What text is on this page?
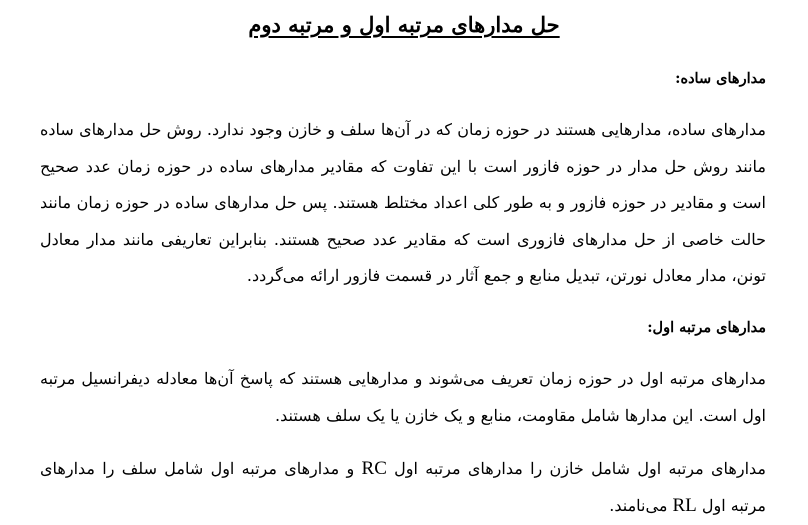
حل مدارهای مرتبه اول و مرتبه دوم
مدارهای ساده:

مدارهای ساده، مدارهایی هستند در حوزه زمان که در آن‌ها سلف و خازن وجود ندارد. روش حل مدارهای ساده مانند روش حل مدار در حوزه فازور است با این تفاوت که مقادیر مدارهای ساده در حوزه زمان عدد صحیح است و مقادیر در حوزه فازور و به طور کلی اعداد مختلط هستند. پس حل مدارهای ساده در حوزه زمان مانند حالت خاصی از حل مدارهای فازوری است که مقادیر عدد صحیح هستند. بنابراین تعاریفی مانند مدار معادل تونن، مدار معادل نورتن، تبدیل منابع و جمع آثار در قسمت فازور ارائه می‌گردد.

مدارهای مرتبه اول:

مدارهای مرتبه اول در حوزه زمان تعریف می‌شوند و مدارهایی هستند که پاسخ آن‌ها معادله دیفرانسیل مرتبه اول است. این مدارها شامل مقاومت، منابع و یک خازن یا یک سلف هستند.

مدارهای مرتبه اول شامل خازن را مدارهای مرتبه اول RC و مدارهای مرتبه اول شامل سلف را مدارهای مرتبه اول RL می‌نامند.
